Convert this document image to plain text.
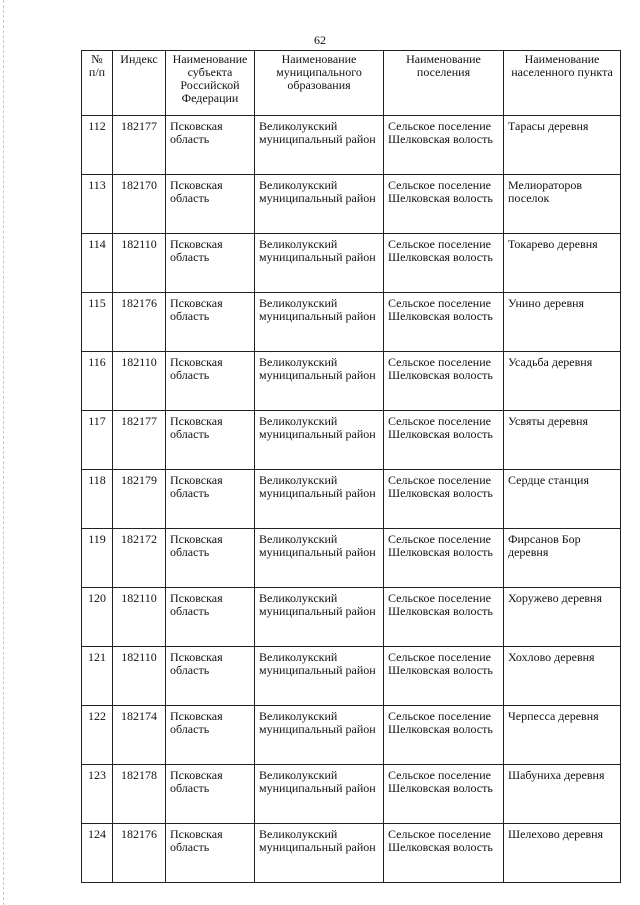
62
№ п/п	Индекс	Наименование субъекта Российской Федерации	Наименование муниципального образования	Наименование поселения	Наименование населенного пункта
112	182177	Псковская область	Великолукский муниципальный район	Сельское поселение Шелковская волость	Тарасы деревня
113	182170	Псковская область	Великолукский муниципальный район	Сельское поселение Шелковская волость	Мелиораторов поселок
114	182110	Псковская область	Великолукский муниципальный район	Сельское поселение Шелковская волость	Токарево деревня
115	182176	Псковская область	Великолукский муниципальный район	Сельское поселение Шелковская волость	Унино деревня
116	182110	Псковская область	Великолукский муниципальный район	Сельское поселение Шелковская волость	Усадьба деревня
117	182177	Псковская область	Великолукский муниципальный район	Сельское поселение Шелковская волость	Усвяты деревня
118	182179	Псковская область	Великолукский муниципальный район	Сельское поселение Шелковская волость	Сердце станция
119	182172	Псковская область	Великолукский муниципальный район	Сельское поселение Шелковская волость	Фирсанов Бор деревня
120	182110	Псковская область	Великолукский муниципальный район	Сельское поселение Шелковская волость	Хоружево деревня
121	182110	Псковская область	Великолукский муниципальный район	Сельское поселение Шелковская волость	Хохлово деревня
122	182174	Псковская область	Великолукский муниципальный район	Сельское поселение Шелковская волость	Черпесса деревня
123	182178	Псковская область	Великолукский муниципальный район	Сельское поселение Шелковская волость	Шабуниха деревня
124	182176	Псковская область	Великолукский муниципальный район	Сельское поселение Шелковская волость	Шелехово деревня
